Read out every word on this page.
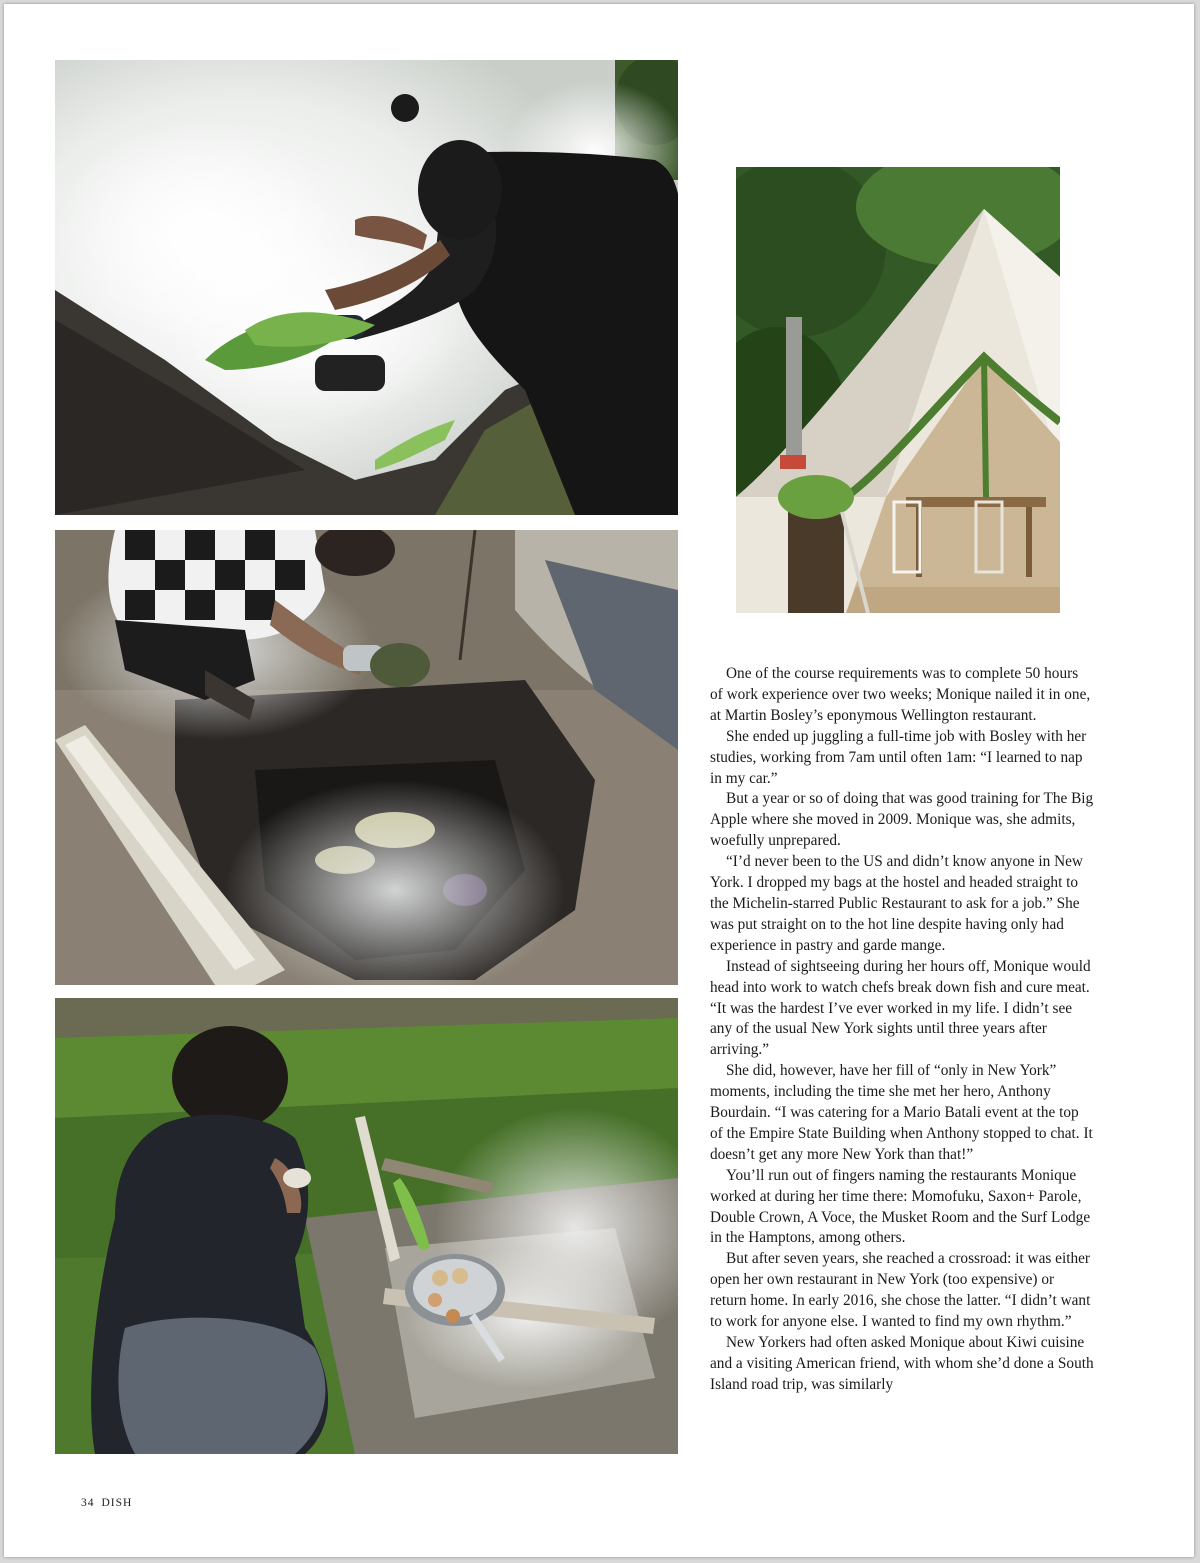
One of the course requirements was to complete 50 hours of work experience over two weeks; Monique nailed it in one, at Martin Bosley’s eponymous Wellington restaurant.

She ended up juggling a full-time job with Bosley with her studies, working from 7am until often 1am: “I learned to nap in my car.”

But a year or so of doing that was good training for The Big Apple where she moved in 2009. Monique was, she admits, woefully unprepared.

“I’d never been to the US and didn’t know anyone in New York. I dropped my bags at the hostel and headed straight to the Michelin-starred Public Restaurant to ask for a job.” She was put straight on to the hot line despite having only had experience in pastry and garde mange.

Instead of sightseeing during her hours off, Monique would head into work to watch chefs break down fish and cure meat. “It was the hardest I’ve ever worked in my life. I didn’t see any of the usual New York sights until three years after arriving.”

She did, however, have her fill of “only in New York” moments, including the time she met her hero, Anthony Bourdain. “I was catering for a Mario Batali event at the top of the Empire State Building when Anthony stopped to chat. It doesn’t get any more New York than that!”

You’ll run out of fingers naming the restaurants Monique worked at during her time there: Momofuku, Saxon+ Parole, Double Crown, A Voce, the Musket Room and the Surf Lodge in the Hamptons, among others.

But after seven years, she reached a crossroad: it was either open her own restaurant in New York (too expensive) or return home. In early 2016, she chose the latter. “I didn’t want to work for anyone else. I wanted to find my own rhythm.”

New Yorkers had often asked Monique about Kiwi cuisine and a visiting American friend, with whom she’d done a South Island road trip, was similarly

34 DISH
